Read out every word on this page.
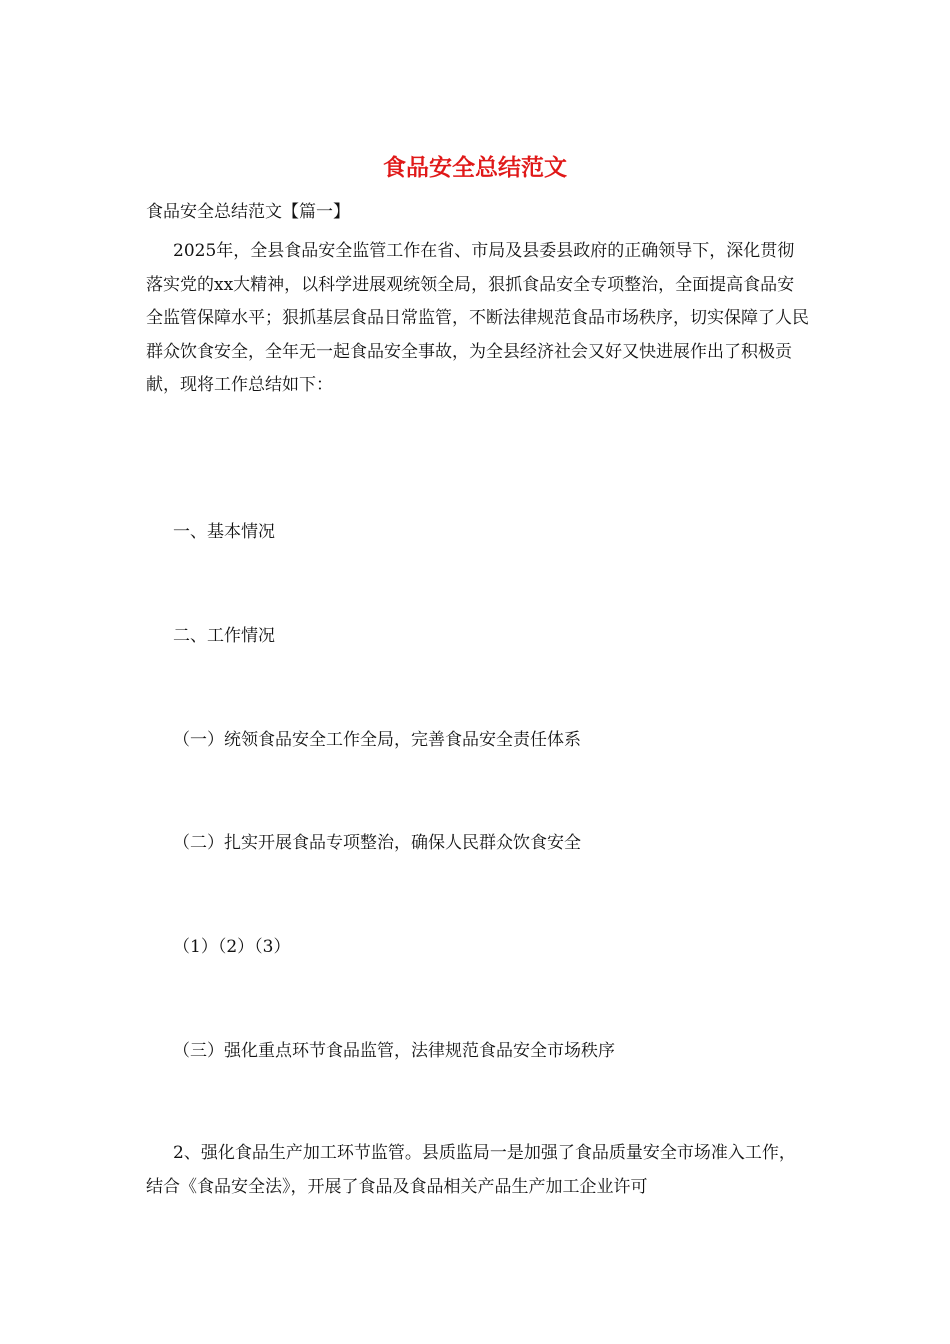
食品安全总结范文
食品安全总结范文【篇一】
2025年，全县食品安全监管工作在省、市局及县委县政府的正确领导下，深化贯彻落实党的xx大精神，以科学进展观统领全局，狠抓食品安全专项整治，全面提高食品安全监管保障水平；狠抓基层食品日常监管，不断法律规范食品市场秩序，切实保障了人民群众饮食安全，全年无一起食品安全事故，为全县经济社会又好又快进展作出了积极贡献，现将工作总结如下：
一、基本情况
二、工作情况
（一）统领食品安全工作全局，完善食品安全责任体系
（二）扎实开展食品专项整治，确保人民群众饮食安全
（1）（2）（3）
（三）强化重点环节食品监管，法律规范食品安全市场秩序
2、强化食品生产加工环节监管。县质监局一是加强了食品质量安全市场准入工作，结合《食品安全法》，开展了食品及食品相关产品生产加工企业许可
